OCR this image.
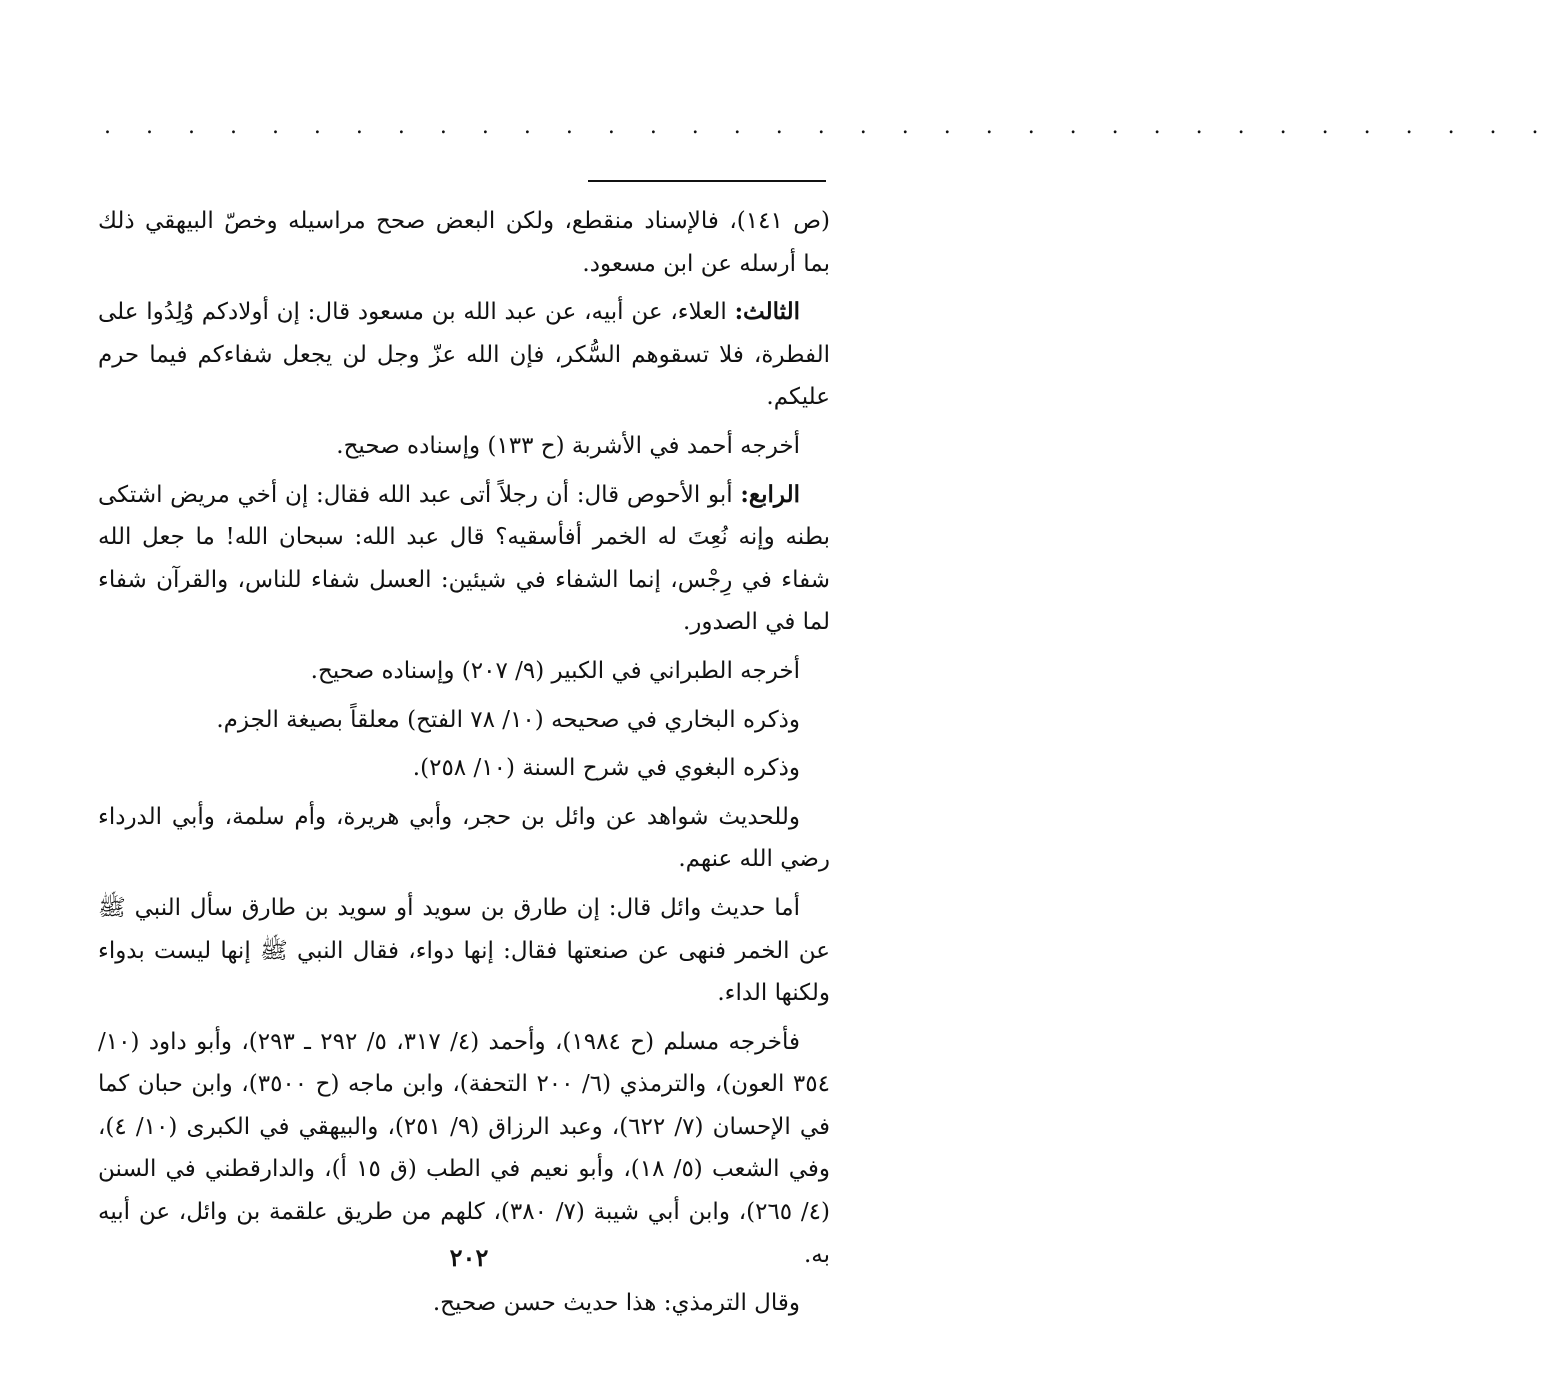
. . . . . . . . . . . . . . . . . . . . . . . . . . . . . . . . . . .

(ص ١٤١)، فالإسناد منقطع، ولكن البعض صحح مراسيله وخصّ البيهقي ذلك بما أرسله عن ابن مسعود.

الثالث: العلاء، عن أبيه، عن عبد الله بن مسعود قال: إن أولادكم وُلِدُوا على الفطرة، فلا تسقوهم السُّكر، فإن الله عزّ وجل لن يجعل شفاءكم فيما حرم عليكم.

أخرجه أحمد في الأشربة (ح ١٣٣) وإسناده صحيح.

الرابع: أبو الأحوص قال: أن رجلاً أتى عبد الله فقال: إن أخي مريض اشتكى بطنه وإنه نُعِتَ له الخمر أفأسقيه؟ قال عبد الله: سبحان الله! ما جعل الله شفاء في رِجْس، إنما الشفاء في شيئين: العسل شفاء للناس، والقرآن شفاء لما في الصدور.

أخرجه الطبراني في الكبير (٩/ ٢٠٧) وإسناده صحيح.

وذكره البخاري في صحيحه (١٠/ ٧٨ الفتح) معلقاً بصيغة الجزم.

وذكره البغوي في شرح السنة (١٠/ ٢٥٨).

وللحديث شواهد عن وائل بن حجر، وأبي هريرة، وأم سلمة، وأبي الدرداء رضي الله عنهم.

أما حديث وائل قال: إن طارق بن سويد أو سويد بن طارق سأل النبي ﷺ عن الخمر فنهى عن صنعتها فقال: إنها دواء، فقال النبي ﷺ إنها ليست بدواء ولكنها الداء.

فأخرجه مسلم (ح ١٩٨٤)، وأحمد (٤/ ٣١٧، ٥/ ٢٩٢ ـ ٢٩٣)، وأبو داود (١٠/ ٣٥٤ العون)، والترمذي (٦/ ٢٠٠ التحفة)، وابن ماجه (ح ٣٥٠٠)، وابن حبان كما في الإحسان (٧/ ٦٢٢)، وعبد الرزاق (٩/ ٢٥١)، والبيهقي في الكبرى (١٠/ ٤)، وفي الشعب (٥/ ١٨)، وأبو نعيم في الطب (ق ١٥ أ)، والدارقطني في السنن (٤/ ٢٦٥)، وابن أبي شيبة (٧/ ٣٨٠)، كلهم من طريق علقمة بن وائل، عن أبيه به.

وقال الترمذي: هذا حديث حسن صحيح.

٢٠٢
